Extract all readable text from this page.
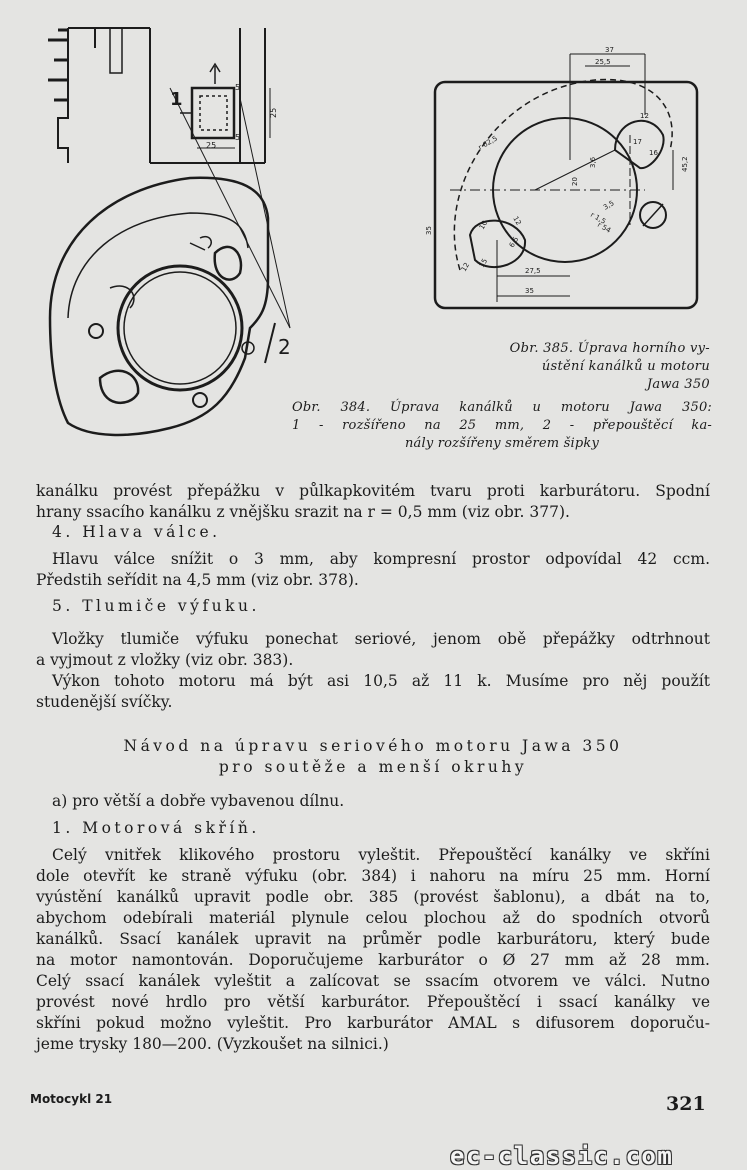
1
2
25
25
5
5
37
25,5
r 62,5
12
17
45,2
16
3,6
20
3,5
r 1,5
r 54
35
27,5
35
12
10
15
6,5
12
Obr. 385. Úprava horního vy-
ústění kanálků u motoru
Jawa 350
Obr. 384. Úprava kanálků u motoru Jawa 350:
1 - rozšířeno na 25 mm, 2 - přepouštěcí ka-
nály rozšířeny směrem šipky
kanálku provést přepážku v půlkapkovitém tvaru proti karburátoru. Spodní
hrany ssacího kanálku z vnějšku srazit na r = 0,5 mm (viz obr. 377).
4. Hlava válce.
Hlavu válce snížit o 3 mm, aby kompresní prostor odpovídal 42 ccm.
Předstih seřídit na 4,5 mm (viz obr. 378).
5. Tlumiče výfuku.
Vložky tlumiče výfuku ponechat seriové, jenom obě přepážky odtrhnout
a vyjmout z vložky (viz obr. 383).
Výkon tohoto motoru má být asi 10,5 až 11 k. Musíme pro něj použít
studenější svíčky.
Návod na úpravu seriového motoru Jawa 350
pro soutěže a menší okruhy
a) pro větší a dobře vybavenou dílnu.
1. Motorová skříň.
Celý vnitřek klikového prostoru vyleštit. Přepouštěcí kanálky ve skříni
dole otevřít ke straně výfuku (obr. 384) i nahoru na míru 25 mm. Horní
vyústění kanálků upravit podle obr. 385 (provést šablonu), a dbát na to,
abychom odebírali materiál plynule celou plochou až do spodních otvorů
kanálků. Ssací kanálek upravit na průměr podle karburátoru, který bude
na motor namontován. Doporučujeme karburátor o Ø 27 mm až 28 mm.
Celý ssací kanálek vyleštit a zalícovat se ssacím otvorem ve válci. Nutno
provést nové hrdlo pro větší karburátor. Přepouštěcí i ssací kanálky ve
skříni pokud možno vyleštit. Pro karburátor AMAL s difusorem doporuču-
jeme trysky 180—200. (Vyzkoušet na silnici.)
Motocykl 21	321
ec-classic.com
